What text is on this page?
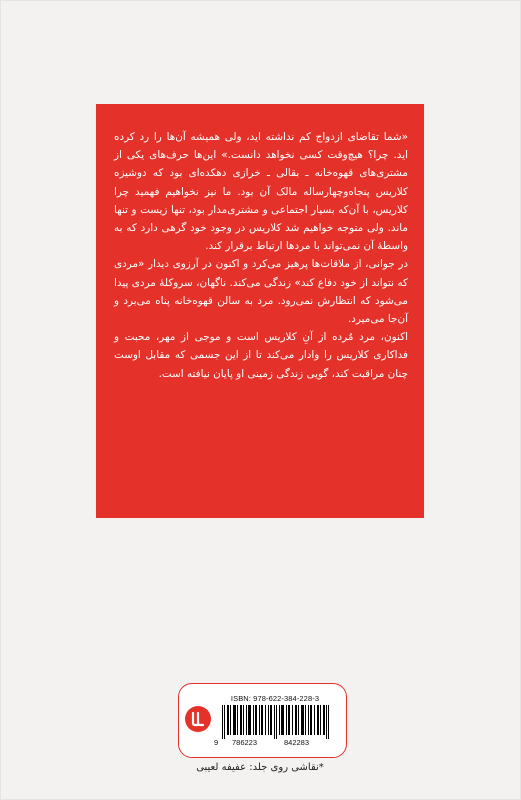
«شما تقاضای ازدواج کم نداشته اید، ولی همیشه آن‌ها را رد کرده اید. چرا؟ هیچ‌وقت کسی نخواهد دانست.» این‌ها حرف‌های یکی از مشتری‌های قهوه‌خانه ـ بقالی ـ خرازی دهکده‌ای بود که دوشیزه کلاریس پنجاه‌وچهارساله مالک آن بود. ما نیز نخواهیم فهمید چرا کلاریس، با آن‌که بسیار اجتماعی و مشتری‌مدار بود، تنها زیست و تنها ماند. ولی متوجه خواهیم شد کلاریس در وجود خود گرهی دارد که به واسطهٔ آن نمی‌تواند با مردها ارتباط برقرار کند.

در جوانی، از ملاقات‌ها پرهیز می‌کرد و اکنون در آرزوی دیدار «مردی که نتواند از خود دفاع کند» زندگی می‌کند. ناگهان، سروکلهٔ مردی پیدا می‌شود که انتظارش نمی‌رود. مرد به سالن قهوه‌خانه پناه می‌برد و آن‌جا می‌میرد.

اکنون، مرد مُرده از آنِ کلاریس است و موجی از مهر، محبت و فداکاری کلاریس را وادار می‌کند تا از این جسمی که مقابل اوست چنان مراقبت کند، گویی زندگی زمینی او پایان نیافته است.

ISBN: 978-622-384-228-3
9 786223	842283
*نقاشی روی جلد: عفیفه لعیبی
